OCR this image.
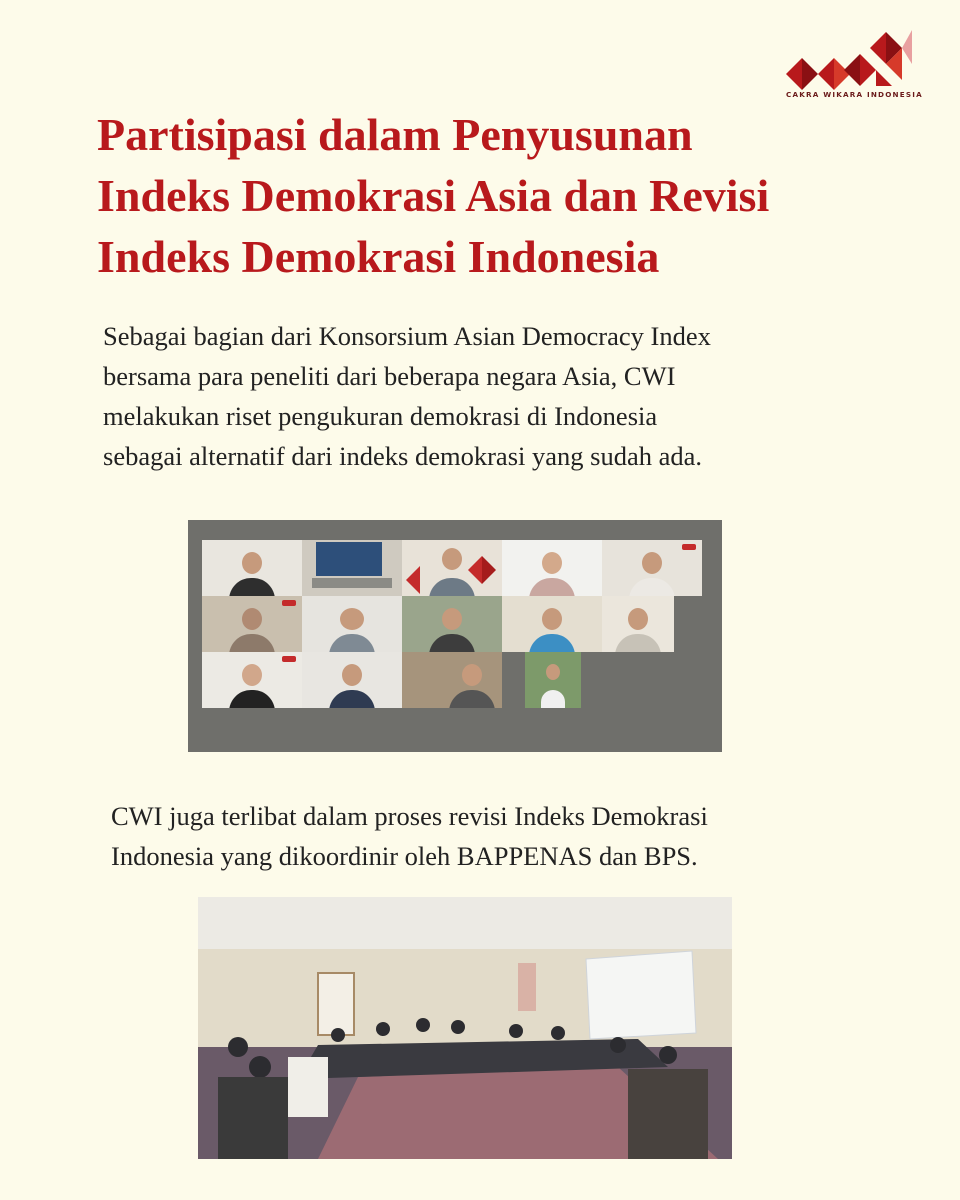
CAKRA WIKARA INDONESIA
Partisipasi dalam Penyusunan
Indeks Demokrasi Asia dan Revisi
Indeks Demokrasi Indonesia

Sebagai bagian dari Konsorsium Asian Democracy Index
bersama para peneliti dari beberapa negara Asia, CWI
melakukan riset pengukuran demokrasi di Indonesia
sebagai alternatif dari indeks demokrasi yang sudah ada.

CWI juga terlibat dalam proses revisi Indeks Demokrasi
Indonesia yang dikoordinir oleh BAPPENAS dan BPS.
